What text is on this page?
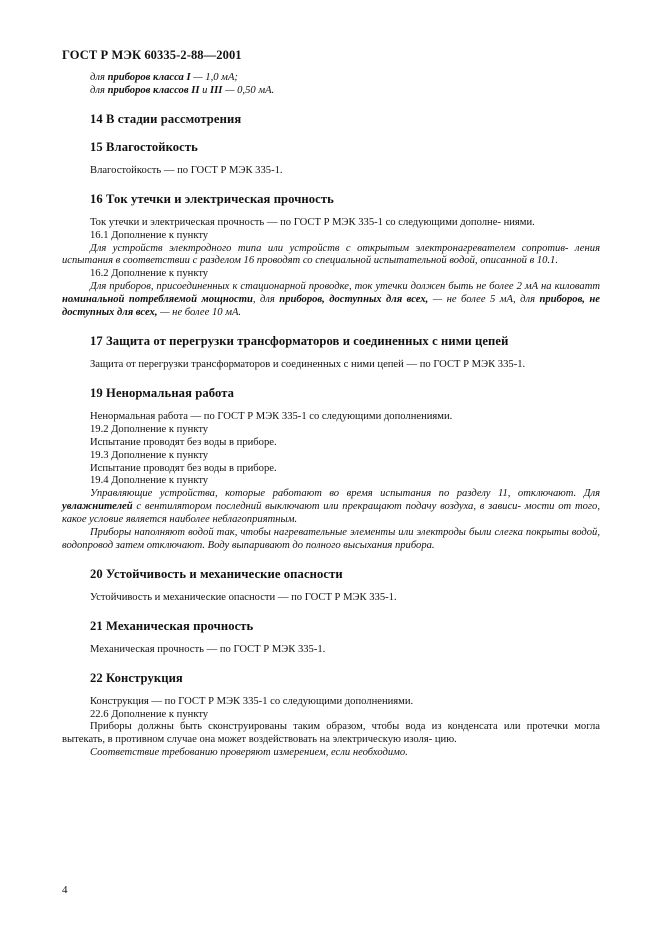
ГОСТ Р МЭК 60335-2-88—2001

для приборов класса I — 1,0 мА;

для приборов классов II и III — 0,50 мА.

14 В стадии рассмотрения
15 Влагостойкость

Влагостойкость — по ГОСТ Р МЭК 335-1.

16 Ток утечки и электрическая прочность

Ток утечки и электрическая прочность — по ГОСТ Р МЭК 335-1 со следующими дополне- ниями.

16.1 Дополнение к пункту

Для устройств электродного типа или устройств с открытым электронагревателем сопротив- ления испытания в соответствии с разделом 16 проводят со специальной испытательной водой, описанной в 10.1.

16.2 Дополнение к пункту

Для приборов, присоединенных к стационарной проводке, ток утечки должен быть не более 2 мА на киловатт номинальной потребляемой мощности, для приборов, доступных для всех, — не более 5 мА, для приборов, не доступных для всех, — не более 10 мА.

17 Защита от перегрузки трансформаторов и соединенных с ними цепей

Защита от перегрузки трансформаторов и соединенных с ними цепей — по ГОСТ Р МЭК 335-1.

19 Ненормальная работа

Ненормальная работа — по ГОСТ Р МЭК 335-1 со следующими дополнениями.

19.2 Дополнение к пункту

Испытание проводят без воды в приборе.

19.3 Дополнение к пункту

Испытание проводят без воды в приборе.

19.4 Дополнение к пункту

Управляющие устройства, которые работают во время испытания по разделу 11, отключают. Для увлажнителей с вентилятором последний выключают или прекращают подачу воздуха, в зависи- мости от того, какое условие является наиболее неблагоприятным.

Приборы наполняют водой так, чтобы нагревательные элементы или электроды были слегка покрыты водой, водопровод затем отключают. Воду выпаривают до полного высыхания прибора.

20 Устойчивость и механические опасности

Устойчивость и механические опасности — по ГОСТ Р МЭК 335-1.

21 Механическая прочность

Механическая прочность — по ГОСТ Р МЭК 335-1.

22 Конструкция

Конструкция — по ГОСТ Р МЭК 335-1 со следующими дополнениями.

22.6 Дополнение к пункту

Приборы должны быть сконструированы таким образом, чтобы вода из конденсата или протечки могла вытекать, в противном случае она может воздействовать на электрическую изоля- цию.

Соответствие требованию проверяют измерением, если необходимо.

4
